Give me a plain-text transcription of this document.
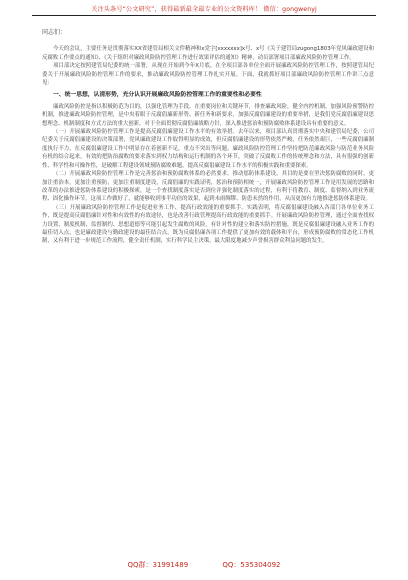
关注头条号“公文研究”，获得最新最全最专业的公文资料库！ 微信：gongwenyj

同志们：

今天的会议，主要任务是贯彻落实XX省建管局相关文件精神和x党字[xxxxxxx]x号、x号《关于建管局zugong1803年党风廉政建设和反腐败工作要点的通知》、《关于组织对廉政风险防控管理工作进行效果评估的通知》精神，动员部署项目部廉政风险防控管理工作。

项目部决定按照建管局纪委的统一部署，从现在开始到今年X月底，在全项目部各单位全面开展廉政风险防控管理工作，按照建管局纪委关于开展廉政风险防控管理工作的要求，推动廉政风险防控管理工作扎实开展。下面，我就抓好项目部廉政风险防控管理工作讲三点意见：

一、统一思想，认清形势，充分认识开展廉政风险防控管理工作的重要性和必要性

廉政风险防控是指以积极防范为目的，以强化管理为手段，在重要岗位和关键环节，排查廉政风险，健全内控机制，加强风险预警防控机制，推进廉政风险防控管理，是中央着眼于反腐倡廉新形势、新任务和新要求，加强反腐倡廉建设的重要举措，是我们党反腐倡廉建设思想理念、机制制度和方式方法的重大创新。对于全面贯彻反腐倡廉战略方针，深入推进惩治和预防腐败体系建设具有重要的意义。

（一）开展廉政风险防控管理工作是提高反腐倡廉建设工作水平的有效举措。去年以来，项目部认真贯彻落实中央和建管局纪委，公司纪委关于反腐倡廉建设的决策部署，党风廉政建设工作取得明显的成效，但反腐倡廉建设的形势依然严峻，任务依然艰巨，一些反腐倡廉制度执行不力，在反腐倡廉建设工作中明显存在着创新不足，重点不突出等问题。廉政风险防控管理工作坚持把防范廉政风险与防范业务风险有机的结合起来，有效的把防治腐败的要求落实到权力结构和运行机制的各个环节，突破了反腐败工作的传统理念和方法，具有很强的创新性、科学性和可操作性，是破解工程建设领域预防腐败难题，提高反腐倡廉建设工作水平的积极实践和重要探索。

（二）开展廉政风险防控管理工作是完善惩治和预防腐败体系的必然要求。推动惩防体系建设，其目的是要在坚决惩防腐败的同时，更加注重治本，更加注重预防，更加注重制度建设，反腐倡廉的实践证明，惩治和预防相统一，开展廉政风险防控管理工作是用发展的思路和改革的办法推进惩防体系建设的积极探索，是一个查找制度落实是否到位并强化制度落实的过程，有利于将教育、制度、监督纳入到业务流程、固化操作环节，这项工作做好了，就能够收到事半功倍的效果，起到未雨绸缪、防患未然的作用，从而更加有力地推进惩防体系建设。

（三）开展廉政风险防控管理工作是促进业务工作、提高行政效能的重要抓手。实践表明，将反腐倡廉建设融入各部门各单位业务工作，既是提高反腐倡廉针对性和有效性的有效途径，也是改善行政管理提高行政效能的重要抓手。开展廉政风险防控管理，通过全面查找权力设置、制度机制、监督制约、思想道德等可能引起发生腐败的风险，有针对性的建立和落实防控措施，既是反腐倡廉建设融入业务工作的最佳切入点，也是廉政建设与勤政建设的最佳结合点。既为反腐倡廉各项工作提供了更加有效的载体和平台，形成预防腐败的常态化工作机制，又有利于进一步规范工作流程，健全责任机制，实行科学民主决策，最大限度地减少声誉损害群众利益问题的发生。

QQ群：31991489	QQ：535304092
